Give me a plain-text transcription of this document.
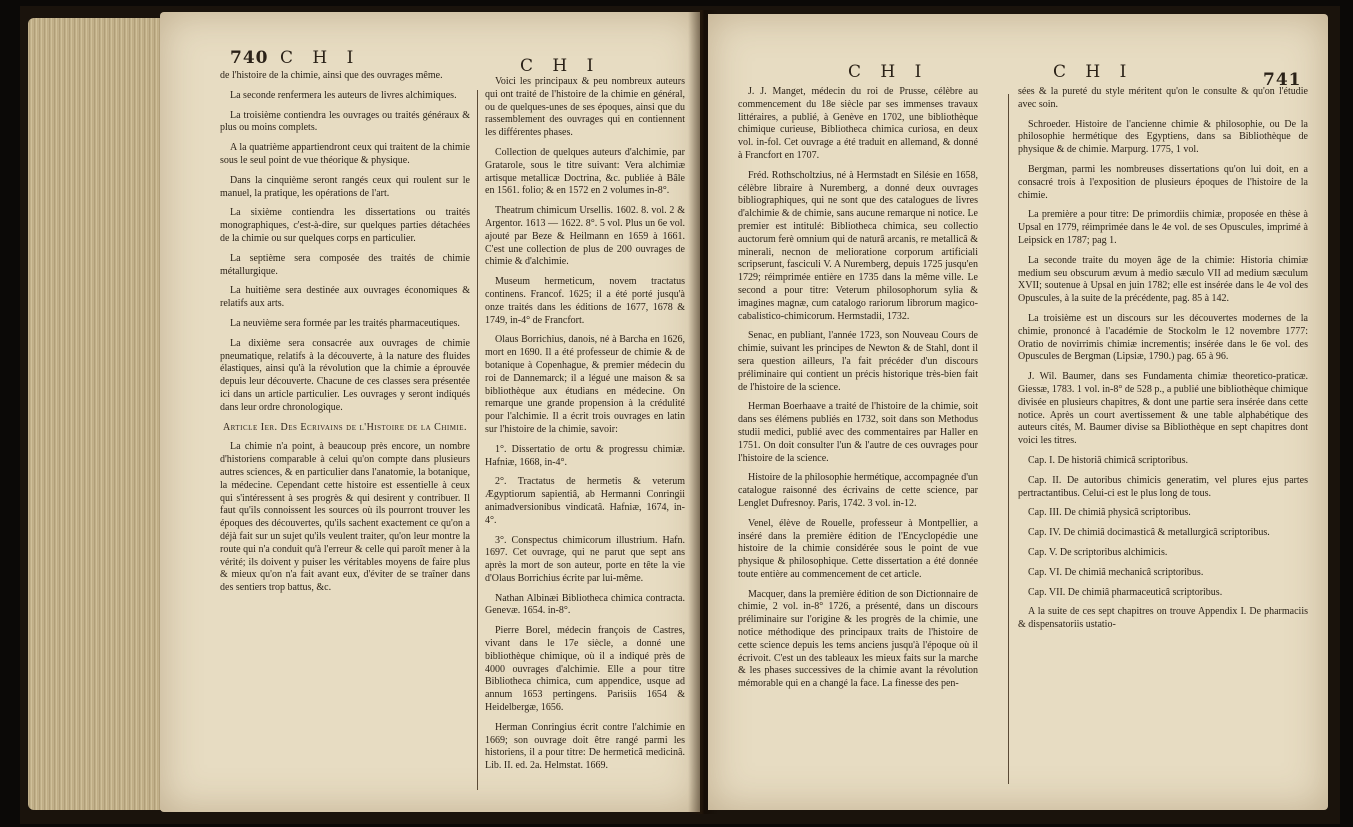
740 C H I	C H I

de l'histoire de la chimie, ainsi que des ouvrages même.

La seconde renfermera les auteurs de livres alchimiques.

La troisième contiendra les ouvrages ou traités généraux & plus ou moins complets.

A la quatrième appartiendront ceux qui traitent de la chimie sous le seul point de vue théorique & physique.

Dans la cinquième seront rangés ceux qui roulent sur le manuel, la pratique, les opérations de l'art.

La sixième contiendra les dissertations ou traités monographiques, c'est-à-dire, sur quelques parties détachées de la chimie ou sur quelques corps en particulier.

La septième sera composée des traités de chimie métallurgique.

La huitième sera destinée aux ouvrages économiques & relatifs aux arts.

La neuvième sera formée par les traités pharmaceutiques.

La dixième sera consacrée aux ouvrages de chimie pneumatique, relatifs à la découverte, à la nature des fluides élastiques, ainsi qu'à la révolution que la chimie a éprouvée depuis leur découverte. Chacune de ces classes sera présentée ici dans un article particulier. Les ouvrages y seront indiqués dans leur ordre chronologique.

Article Ier. Des Ecrivains de l'Histoire de la Chimie.

La chimie n'a point, à beaucoup près encore, un nombre d'historiens comparable à celui qu'on compte dans plusieurs autres sciences, & en particulier dans l'anatomie, la botanique, la médecine. Cependant cette histoire est essentielle à ceux qui s'intéressent à ses progrès & qui desirent y contribuer. Il faut qu'ils connoissent les sources où ils pourront trouver les époques des découvertes, qu'ils sachent exactement ce qu'on a déjà fait sur un sujet qu'ils veulent traiter, qu'on leur montre la route qui n'a conduit qu'à l'erreur & celle qui paroît mener à la vérité; ils doivent y puiser les véritables moyens de faire plus & mieux qu'on n'a fait avant eux, d'éviter de se traîner dans des sentiers trop battus, &c.

Voici les principaux & peu nombreux auteurs qui ont traité de l'histoire de la chimie en général, ou de quelques-unes de ses époques, ainsi que du rassemblement des ouvrages qui en contiennent les différentes phases.

Collection de quelques auteurs d'alchimie, par Gratarole, sous le titre suivant: Vera alchimiæ artisque metallicæ Doctrina, &c. publiée à Bâle en 1561. folio; & en 1572 en 2 volumes in-8°.

Theatrum chimicum Ursellis. 1602. 8. vol. 2 & Argentor. 1613 — 1622. 8°. 5 vol. Plus un 6e vol. ajouté par Beze & Heilmann en 1659 à 1661. C'est une collection de plus de 200 ouvrages de chimie & d'alchimie.

Museum hermeticum, novem tractatus continens. Francof. 1625; il a été porté jusqu'à onze traités dans les éditions de 1677, 1678 & 1749, in-4° de Francfort.

Olaus Borrichius, danois, né à Barcha en 1626, mort en 1690. Il a été professeur de chimie & de botanique à Copenhague, & premier médecin du roi de Dannemarck; il a légué une maison & sa bibliothèque aux étudians en médecine. On remarque une grande propension à la crédulité pour l'alchimie. Il a écrit trois ouvrages en latin sur l'histoire de la chimie, savoir:

1°. Dissertatio de ortu & progressu chimiæ. Hafniæ, 1668, in-4°.

2°. Tractatus de hermetis & veterum Ægyptiorum sapientiâ, ab Hermanni Conringii animadversionibus vindicatâ. Hafniæ, 1674, in-4°.

3°. Conspectus chimicorum illustrium. Hafn. 1697. Cet ouvrage, qui ne parut que sept ans après la mort de son auteur, porte en tête la vie d'Olaus Borrichius écrite par lui-même.

Nathan Albinæi Bibliotheca chimica contracta. Genevæ. 1654. in-8°.

Pierre Borel, médecin françois de Castres, vivant dans le 17e siècle, a donné une bibliothèque chimique, où il a indiqué près de 4000 ouvrages d'alchimie. Elle a pour titre Bibliotheca chimica, cum appendice, usque ad annum 1653 pertingens. Parisiis 1654 & Heidelbergæ, 1656.

Herman Conringius écrit contre l'alchimie en 1669; son ouvrage doit être rangé parmi les historiens, il a pour titre: De hermeticâ medicinâ. Lib. II. ed. 2a. Helmstat. 1669.

C H I	C H I	741

J. J. Manget, médecin du roi de Prusse, célèbre au commencement du 18e siècle par ses immenses travaux littéraires, a publié, à Genève en 1702, une bibliothèque chimique curieuse, Bibliotheca chimica curiosa, en deux vol. in-fol. Cet ouvrage a été traduit en allemand, & donné à Francfort en 1707.

Fréd. Rothscholtzius, né à Hermstadt en Silésie en 1658, célèbre libraire à Nuremberg, a donné deux ouvrages bibliographiques, qui ne sont que des catalogues de livres d'alchimie & de chimie, sans aucune remarque ni notice. Le premier est intitulé: Bibliotheca chimica, seu collectio auctorum ferè omnium qui de naturâ arcanis, re metallicâ & minerali, necnon de melioratione corporum artificiali scripserunt, fasciculi V. A Nuremberg, depuis 1725 jusqu'en 1729; réimprimée entière en 1735 dans la même ville. Le second a pour titre: Veterum philosophorum sylia & imagines magnæ, cum catalogo rariorum librorum magico-cabalistico-chimicorum. Hermstadii, 1732.

Senac, en publiant, l'année 1723, son Nouveau Cours de chimie, suivant les principes de Newton & de Stahl, dont il sera question ailleurs, l'a fait précéder d'un discours préliminaire qui contient un précis historique très-bien fait de l'histoire de la science.

Herman Boerhaave a traité de l'histoire de la chimie, soit dans ses élémens publiés en 1732, soit dans son Methodus studii medici, publié avec des commentaires par Haller en 1751. On doit consulter l'un & l'autre de ces ouvrages pour l'histoire de la science.

Histoire de la philosophie hermétique, accompagnée d'un catalogue raisonné des écrivains de cette science, par Lenglet Dufresnoy. Paris, 1742. 3 vol. in-12.

Venel, élève de Rouelle, professeur à Montpellier, a inséré dans la première édition de l'Encyclopédie une histoire de la chimie considérée sous le point de vue physique & philosophique. Cette dissertation a été donnée toute entière au commencement de cet article.

Macquer, dans la première édition de son Dictionnaire de chimie, 2 vol. in-8° 1726, a présenté, dans un discours préliminaire sur l'origine & les progrès de la chimie, une notice méthodique des principaux traits de l'histoire de cette science depuis les tems anciens jusqu'à l'époque où il écrivoit. C'est un des tableaux les mieux faits sur la marche & les phases successives de la chimie avant la révolution mémorable qui en a changé la face. La finesse des pen-

sées & la pureté du style méritent qu'on le consulte & qu'on l'étudie avec soin.

Schroeder. Histoire de l'ancienne chimie & philosophie, ou De la philosophie hermétique des Egyptiens, dans sa Bibliothèque de physique & de chimie. Marpurg. 1775, 1 vol.

Bergman, parmi les nombreuses dissertations qu'on lui doit, en a consacré trois à l'exposition de plusieurs époques de l'histoire de la chimie.

La première a pour titre: De primordiis chimiæ, proposée en thèse à Upsal en 1779, réimprimée dans le 4e vol. de ses Opuscules, imprimé à Leipsick en 1787; pag 1.

La seconde traite du moyen âge de la chimie: Historia chimiæ medium seu obscurum ævum à medio sæculo VII ad medium sæculum XVII; soutenue à Upsal en juin 1782; elle est insérée dans le 4e vol des Opuscules, à la suite de la précédente, pag. 85 à 142.

La troisième est un discours sur les découvertes modernes de la chimie, prononcé à l'académie de Stockolm le 12 novembre 1777: Oratio de novirrimis chimiæ incrementis; insérée dans le 6e vol. des Opuscules de Bergman (Lipsiæ, 1790.) pag. 65 à 96.

J. Wil. Baumer, dans ses Fundamenta chimiæ theoretico-praticæ. Giessæ, 1783. 1 vol. in-8° de 528 p., a publié une bibliothèque chimique divisée en plusieurs chapitres, & dont une partie sera insérée dans cette notice. Après un court avertissement & une table alphabétique des auteurs cités, M. Baumer divise sa Bibliothèque en sept chapitres dont voici les titres.

Cap. I. De historiâ chimicâ scriptoribus.

Cap. II. De autoribus chimicis generatim, vel plures ejus partes pertractantibus. Celui-ci est le plus long de tous.

Cap. III. De chimiâ physicâ scriptoribus.

Cap. IV. De chimiâ docimasticâ & metallurgicâ scriptoribus.

Cap. V. De scriptoribus alchimicis.

Cap. VI. De chimiâ mechanicâ scriptoribus.

Cap. VII. De chimiâ pharmaceuticâ scriptoribus.

A la suite de ces sept chapitres on trouve Appendix I. De pharmaciis & dispensatoriis ustatio-
